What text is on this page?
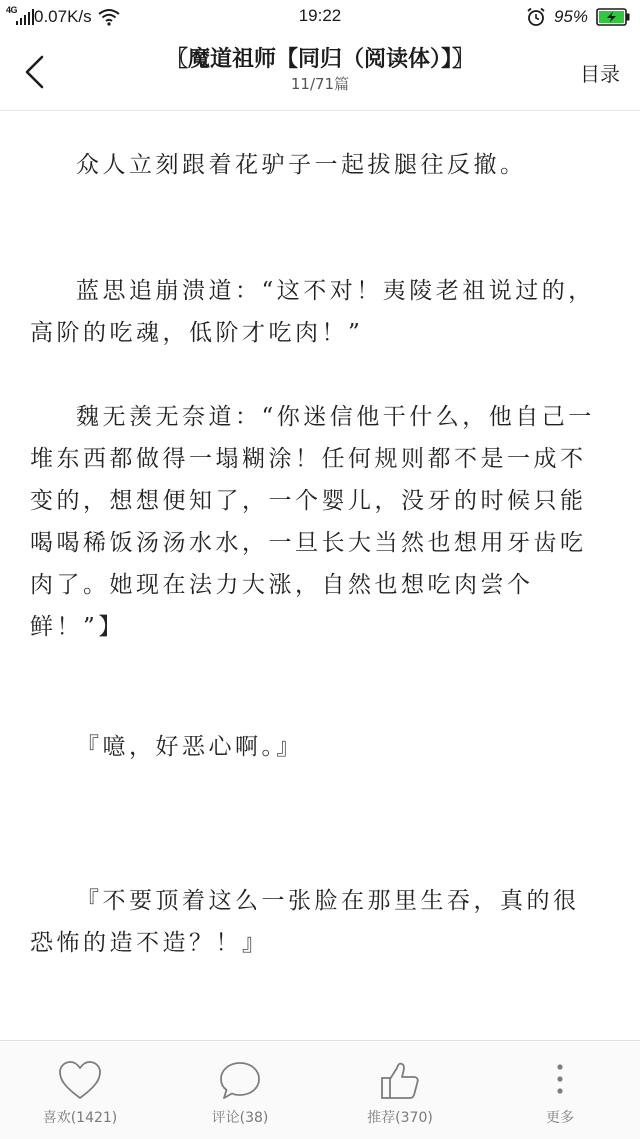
4G 0.07K/s	19:22	95%
〖魔道祖师【同归（阅读体）】〗
11/71篇	目录

众人立刻跟着花驴子一起拔腿往反撤。

蓝思追崩溃道：“这不对！夷陵老祖说过的，高阶的吃魂，低阶才吃肉！”

魏无羡无奈道：“你迷信他干什么，他自己一堆东西都做得一塌糊涂！任何规则都不是一成不变的，想想便知了，一个婴儿，没牙的时候只能喝喝稀饭汤汤水水，一旦长大当然也想用牙齿吃肉了。她现在法力大涨，自然也想吃肉尝个鲜！”】

『噫，好恶心啊。』

『不要顶着这么一张脸在那里生吞，真的很恐怖的造不造？！』

喜欢(1421)	评论(38)	推荐(370)	更多
